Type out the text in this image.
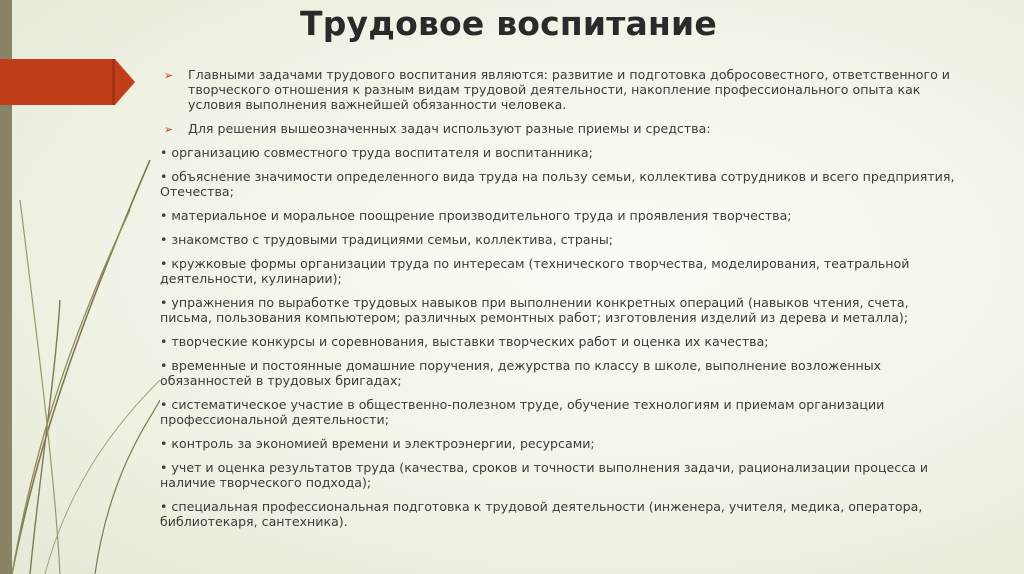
Трудовое воспитание

➢ Главными задачами трудового воспитания являются: развитие и подготовка добросовестного, ответственного и творческого отношения к разным видам трудовой деятельности, накопление профессионального опыта как условия выполнения важнейшей обязанности человека.

➢ Для решения вышеозначенных задач используют разные приемы и средства:

• организацию совместного труда воспитателя и воспитанника;

• объяснение значимости определенного вида труда на пользу семьи, коллектива сотрудников и всего предприятия, Отечества;

• материальное и моральное поощрение производительного труда и проявления творчества;

• знакомство с трудовыми традициями семьи, коллектива, страны;

• кружковые формы организации труда по интересам (технического творчества, моделирования, театральной деятельности, кулинарии);

• упражнения по выработке трудовых навыков при выполнении конкретных операций (навыков чтения, счета, письма, пользования компьютером; различных ремонтных работ; изготовления изделий из дерева и металла);

• творческие конкурсы и соревнования, выставки творческих работ и оценка их качества;

• временные и постоянные домашние поручения, дежурства по классу в школе, выполнение возложенных обязанностей в трудовых бригадах;

• систематическое участие в общественно-полезном труде, обучение технологиям и приемам организации профессиональной деятельности;

• контроль за экономией времени и электроэнергии, ресурсами;

• учет и оценка результатов труда (качества, сроков и точности выполнения задачи, рационализации процесса и наличие творческого подхода);

• специальная профессиональная подготовка к трудовой деятельности (инженера, учителя, медика, оператора, библиотекаря, сантехника).
